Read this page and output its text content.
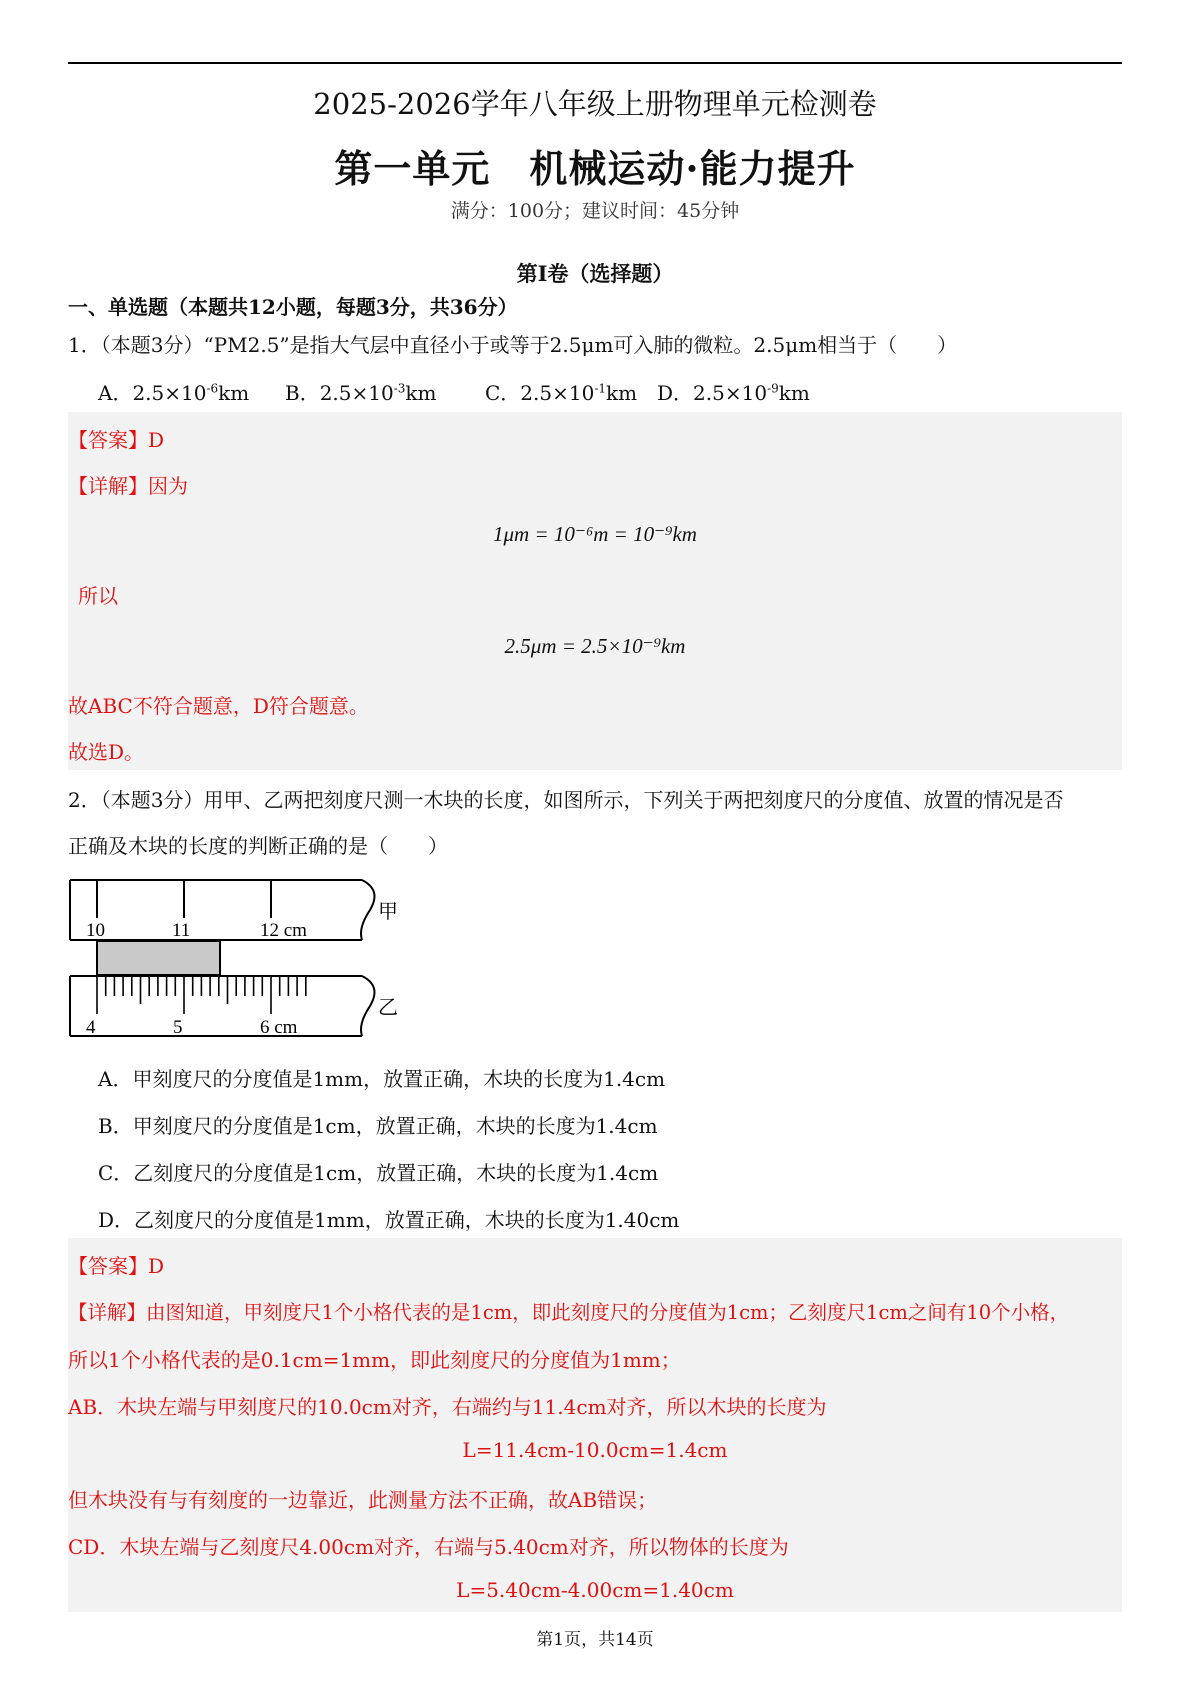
2025-2026学年八年级上册物理单元检测卷
第一单元　机械运动·能力提升
满分：100分；建议时间：45分钟
第Ⅰ卷（选择题）
一、单选题（本题共12小题，每题3分，共36分）
1．（本题3分）“PM2.5”是指大气层中直径小于或等于2.5μm可入肺的微粒。2.5μm相当于（　　）
A．$2.5\times 10^{-6}km$ B．$2.5\times 10^{-3}km$ C．$2.5\times 10^{-1}km$ D．$2.5\times 10^{-9}km$
【答案】D
【详解】因为
1μm = 10⁻⁶m = 10⁻⁹km
所以
2.5μm = 2.5×10⁻⁹km
故ABC不符合题意，D符合题意。
故选D。
2．（本题3分）用甲、乙两把刻度尺测一木块的长度，如图所示，下列关于两把刻度尺的分度值、放置的情况是否
正确及木块的长度的判断正确的是（　　）
10	11	12 cm
甲
4	5	6 cm
乙
A．甲刻度尺的分度值是1mm，放置正确，木块的长度为1.4cm
B．甲刻度尺的分度值是1cm，放置正确，木块的长度为1.4cm
C．乙刻度尺的分度值是1cm，放置正确，木块的长度为1.4cm
D．乙刻度尺的分度值是1mm，放置正确，木块的长度为1.40cm
【答案】D
【详解】由图知道，甲刻度尺1个小格代表的是1cm，即此刻度尺的分度值为1cm；乙刻度尺1cm之间有10个小格，
所以1个小格代表的是0.1cm=1mm，即此刻度尺的分度值为1mm；
AB．木块左端与甲刻度尺的10.0cm对齐，右端约与11.4cm对齐，所以木块的长度为
L=11.4cm-10.0cm=1.4cm
但木块没有与有刻度的一边靠近，此测量方法不正确，故AB错误；
CD．木块左端与乙刻度尺4.00cm对齐，右端与5.40cm对齐，所以物体的长度为
L=5.40cm-4.00cm=1.40cm
第1页，共14页
